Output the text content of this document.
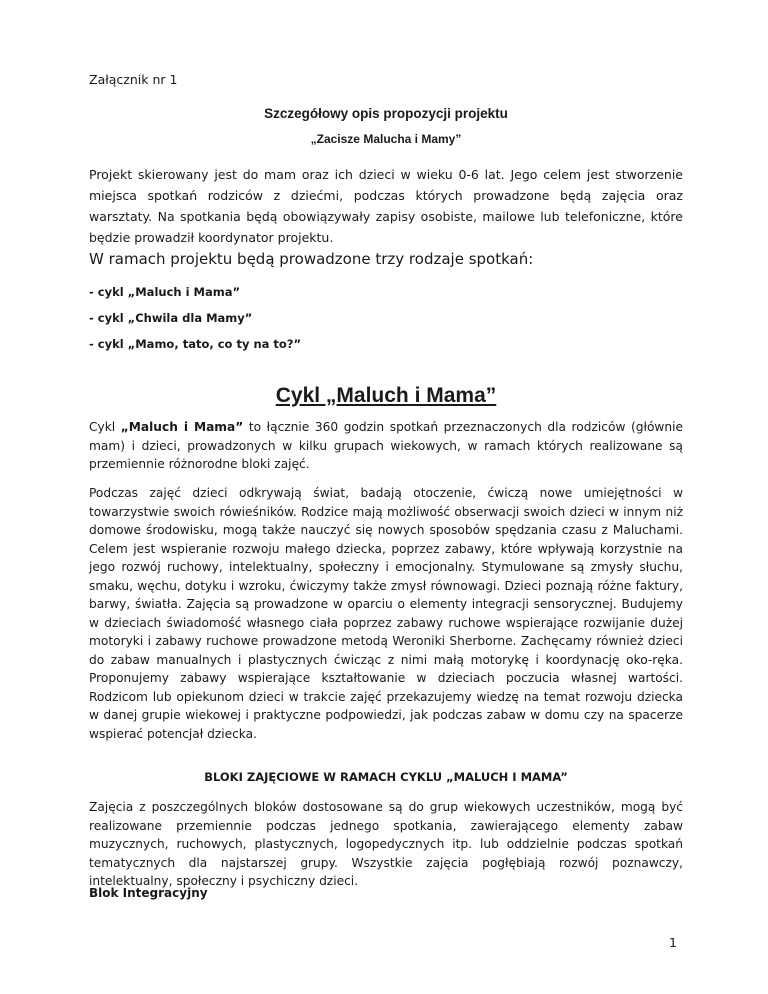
Załącznik nr 1
Szczegółowy opis propozycji projektu
„Zacisze Malucha i Mamy”
Projekt skierowany jest do mam oraz ich dzieci w wieku 0-6 lat. Jego celem jest stworzenie miejsca spotkań rodziców z dziećmi, podczas których prowadzone będą zajęcia oraz warsztaty. Na spotkania będą obowiązywały zapisy osobiste, mailowe lub telefoniczne, które będzie prowadził koordynator projektu.
W ramach projektu będą prowadzone trzy rodzaje spotkań:
- cykl „Maluch i Mama”
- cykl „Chwila dla Mamy”
- cykl „Mamo, tato, co ty na to?”
Cykl „Maluch i Mama”
Cykl „Maluch i Mama” to łącznie 360 godzin spotkań przeznaczonych dla rodziców (głównie mam) i dzieci, prowadzonych w kilku grupach wiekowych, w ramach których realizowane są przemiennie różnorodne bloki zajęć.
Podczas zajęć dzieci odkrywają świat, badają otoczenie, ćwiczą nowe umiejętności w towarzystwie swoich rówieśników. Rodzice mają możliwość obserwacji swoich dzieci w innym niż domowe środowisku, mogą także nauczyć się nowych sposobów spędzania czasu z Maluchami. Celem jest wspieranie rozwoju małego dziecka, poprzez zabawy, które wpływają korzystnie na jego rozwój ruchowy, intelektualny, społeczny i emocjonalny. Stymulowane są zmysły słuchu, smaku, węchu, dotyku i wzroku, ćwiczymy także zmysł równowagi. Dzieci poznają różne faktury, barwy, światła. Zajęcia są prowadzone w oparciu o elementy integracji sensorycznej. Budujemy w dzieciach świadomość własnego ciała poprzez zabawy ruchowe wspierające rozwijanie dużej motoryki i zabawy ruchowe prowadzone metodą Weroniki Sherborne. Zachęcamy również dzieci do zabaw manualnych i plastycznych ćwicząc z nimi małą motorykę i koordynację oko-ręka. Proponujemy zabawy wspierające kształtowanie w dzieciach poczucia własnej wartości. Rodzicom lub opiekunom dzieci w trakcie zajęć przekazujemy wiedzę na temat rozwoju dziecka w danej grupie wiekowej i praktyczne podpowiedzi, jak podczas zabaw w domu czy na spacerze wspierać potencjał dziecka.
BLOKI ZAJĘCIOWE W RAMACH CYKLU „MALUCH I MAMA”
Zajęcia z poszczególnych bloków dostosowane są do grup wiekowych uczestników, mogą być realizowane przemiennie podczas jednego spotkania, zawierającego elementy zabaw muzycznych, ruchowych, plastycznych, logopedycznych itp. lub oddzielnie podczas spotkań tematycznych dla najstarszej grupy. Wszystkie zajęcia pogłębiają rozwój poznawczy, intelektualny, społeczny i psychiczny dzieci.
Blok Integracyjny
1
